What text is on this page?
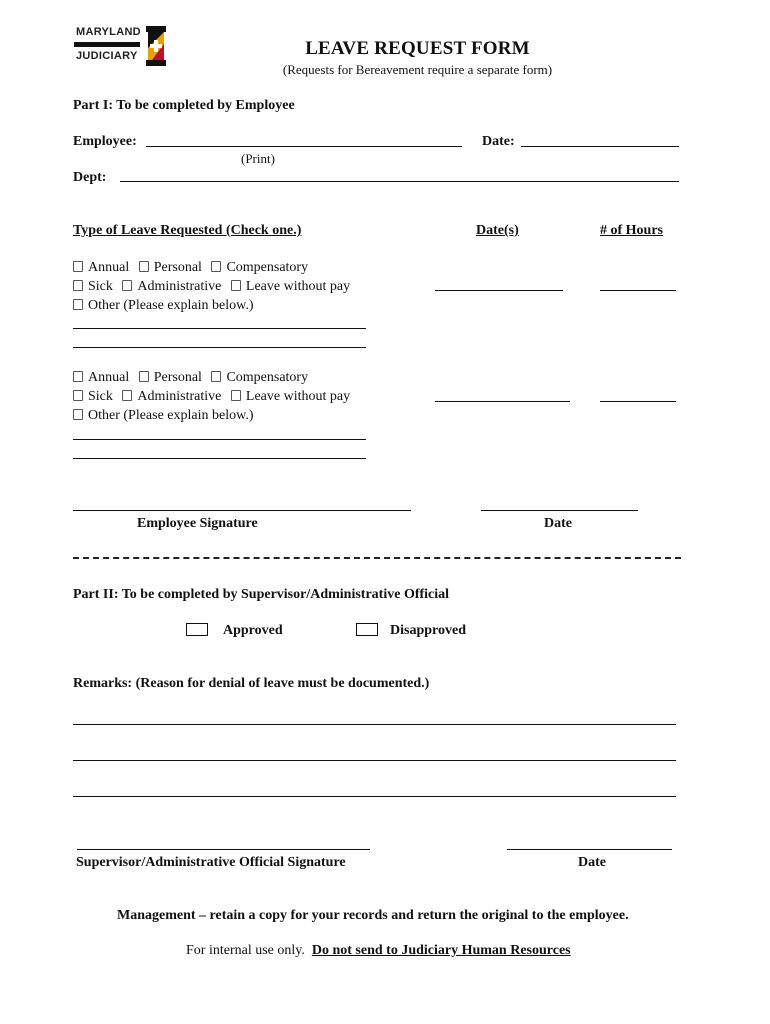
MARYLAND
JUDICIARY	LEAVE REQUEST FORM
(Requests for Bereavement require a separate form)
Part I: To be completed by Employee
Employee:	Date:
(Print)
Dept:
Type of Leave Requested (Check one.)	Date(s)	# of Hours
Annual Personal Compensatory
Sick Administrative Leave without pay
Other (Please explain below.)
Annual Personal Compensatory
Sick Administrative Leave without pay
Other (Please explain below.)
Employee Signature	Date
Part II: To be completed by Supervisor/Administrative Official
Approved	Disapproved
Remarks: (Reason for denial of leave must be documented.)
Supervisor/Administrative Official Signature	Date
Management – retain a copy for your records and return the original to the employee.
For internal use only. Do not send to Judiciary Human Resources
